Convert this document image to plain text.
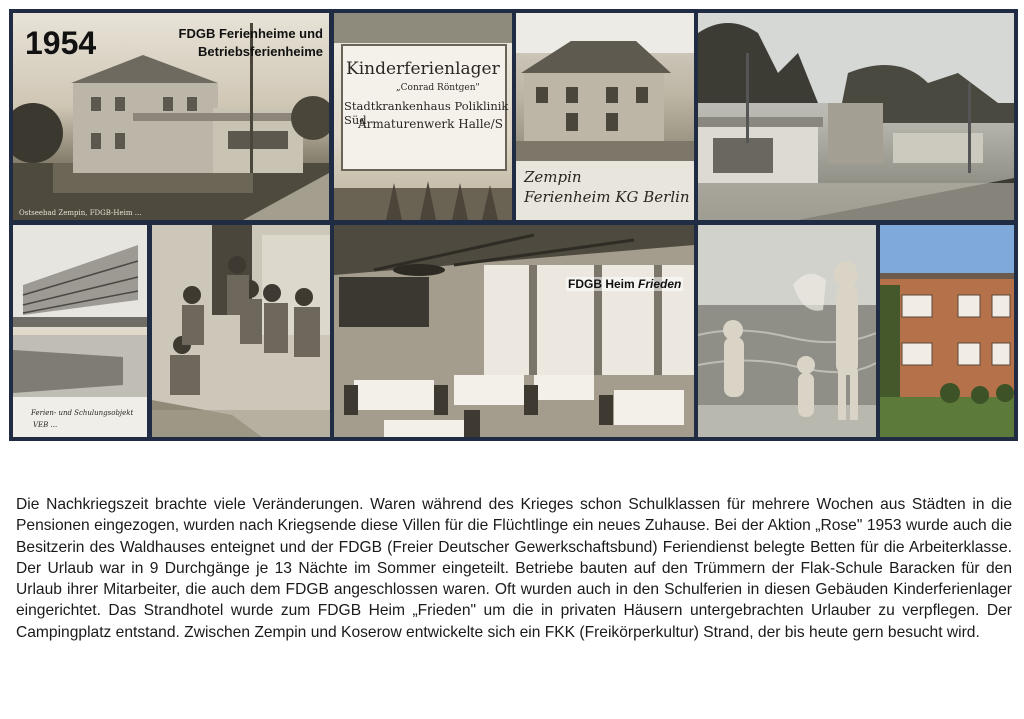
1954	FDGB Ferienheime und Betriebsferienheime
Ostseebad Zempin, FDGB-Heim ...
Kinderferienlager
„Conrad Röntgen"
Stadtkrankenhaus Poliklinik Süd
Armaturenwerk Halle/S
Zempin
Ferienheim KG Berlin
Ferien- und Schulungsobjekt
VEB ...
FDGB Heim Frieden
Die Nachkriegszeit brachte viele Veränderungen. Waren während des Krieges schon Schulklassen für mehrere Wochen aus Städten in die Pensionen eingezogen, wurden nach Kriegsende diese Villen für die Flüchtlinge ein neues Zuhause. Bei der Aktion „Rose" 1953 wurde auch die Besitzerin des Waldhauses enteignet und der FDGB (Freier Deutscher Gewerkschaftsbund) Feriendienst belegte Betten für die Arbeiterklasse. Der Urlaub war in 9 Durchgänge je 13 Nächte im Sommer eingeteilt. Betriebe bauten auf den Trümmern der Flak-Schule Baracken für den Urlaub ihrer Mitarbeiter, die auch dem FDGB angeschlossen waren. Oft wurden auch in den Schulferien in diesen Gebäuden Kinderferienlager eingerichtet. Das Strandhotel wurde zum FDGB Heim „Frieden" um die in privaten Häusern untergebrachten Urlauber zu verpflegen. Der Campingplatz entstand. Zwischen Zempin und Koserow entwickelte sich ein FKK (Freikörperkultur) Strand, der bis heute gern besucht wird.
